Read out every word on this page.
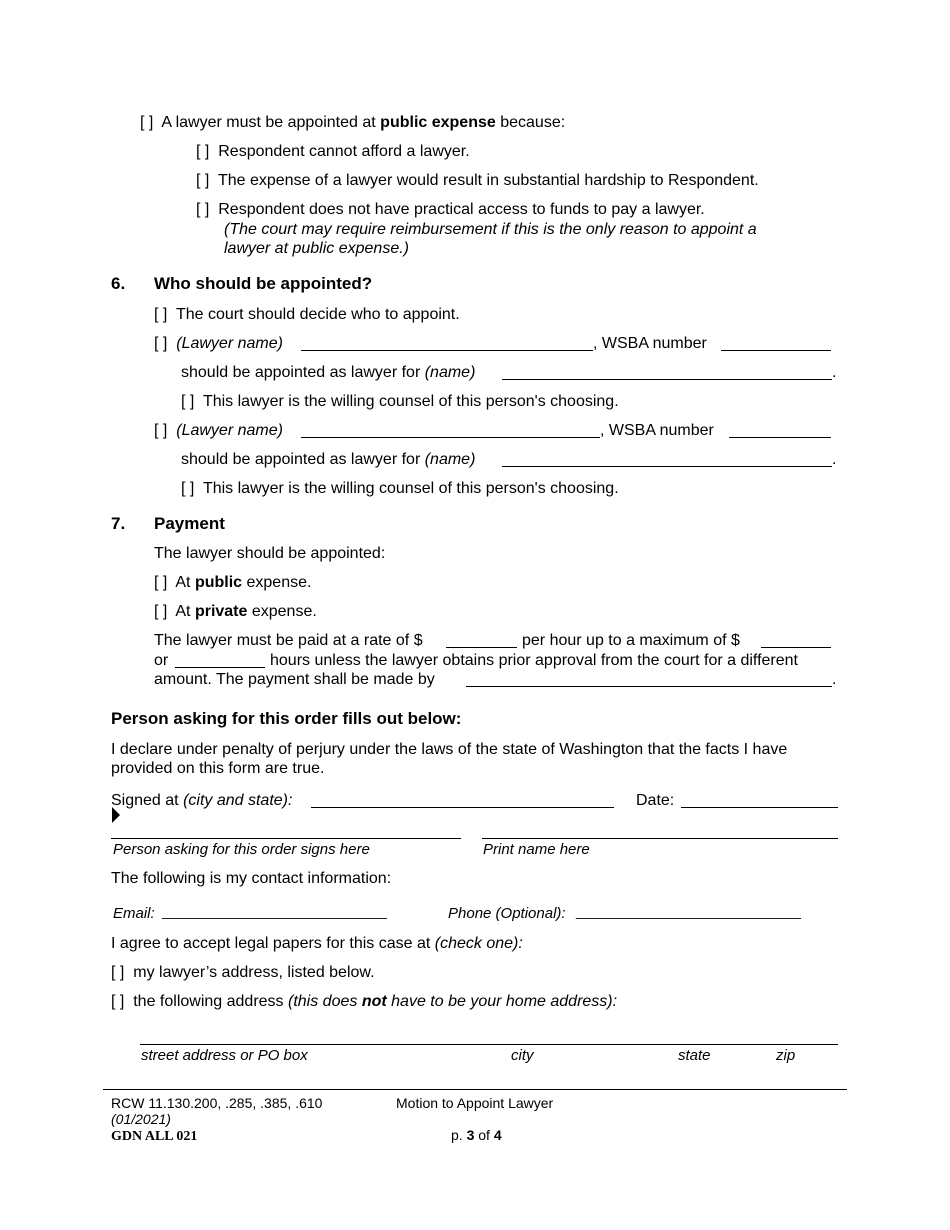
[ ] A lawyer must be appointed at public expense because:
[ ] Respondent cannot afford a lawyer.
[ ] The expense of a lawyer would result in substantial hardship to Respondent.
[ ] Respondent does not have practical access to funds to pay a lawyer.
(The court may require reimbursement if this is the only reason to appoint a
lawyer at public expense.)
6. Who should be appointed?
[ ] The court should decide who to appoint.
[ ] (Lawyer name)	, WSBA number
should be appointed as lawyer for (name)	.
[ ] This lawyer is the willing counsel of this person's choosing.
[ ] (Lawyer name)	, WSBA number
should be appointed as lawyer for (name)	.
[ ] This lawyer is the willing counsel of this person's choosing.
7. Payment
The lawyer should be appointed:
[ ] At public expense.
[ ] At private expense.
The lawyer must be paid at a rate of $	per hour up to a maximum of $
or	hours unless the lawyer obtains prior approval from the court for a different
amount. The payment shall be made by	.
Person asking for this order fills out below:
I declare under penalty of perjury under the laws of the state of Washington that the facts I have
provided on this form are true.
Signed at (city and state):	Date:
Person asking for this order signs here	Print name here
The following is my contact information:
Email: ______________________________	Phone (Optional): ______________________________
I agree to accept legal papers for this case at (check one):
[ ] my lawyer’s address, listed below.
[ ] the following address (this does not have to be your home address):
street address or PO box	city	state	zip
RCW 11.130.200, .285, .385, .610
(01/2021)
GDN ALL 021
Motion to Appoint Lawyer
p. 3 of 4
